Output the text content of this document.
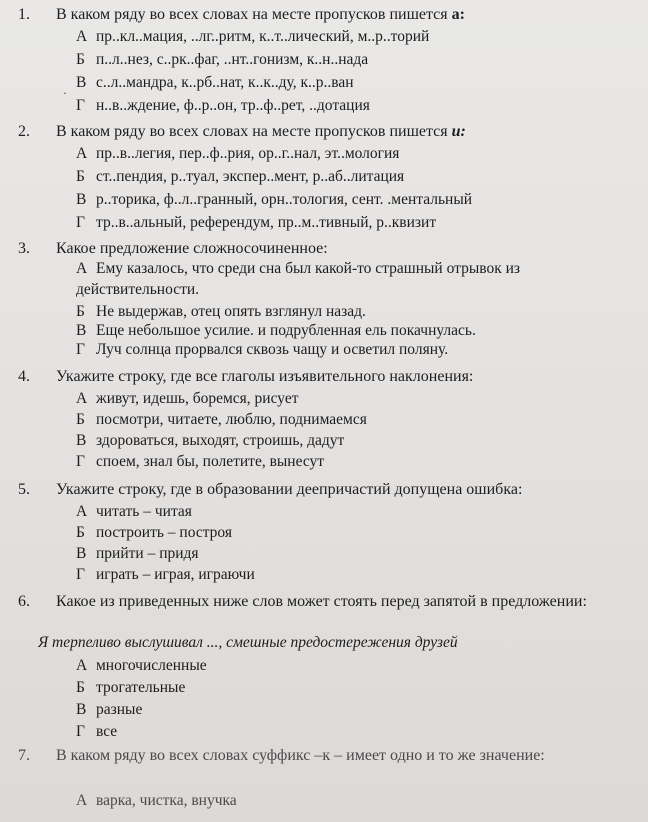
1. В каком ряду во всех словах на месте пропусков пишется а:
·
А пр..кл..мация, ..лг..ритм, к..т..лический, м..р..торий
Б п..л..нез, с..рк..фаг, ..нт..гонизм, к..н..нада
В с..л..мандра, к..рб..нат, к..к..ду, к..р..ван
Г н..в..ждение, ф..р..он, тр..ф..рет, ..дотация
2. В каком ряду во всех словах на месте пропусков пишется и:
А пр..в..легия, пер..ф..рия, ор..г..нал, эт..мология
Б ст..пендия, р..туал, экспер..мент, р..аб..литация
В р..торика, ф..л..гранный, орн..тология, сент. .ментальный
Г тр..в..альный, референдум, пр..м..тивный, р..квизит
3. Какое предложение сложносочиненное:
А Ему казалось, что среди сна был какой-то страшный отрывок из действительности.
Б Не выдержав, отец опять взглянул назад.
В Еще небольшое усилие. и подрубленная ель покачнулась.
Г Луч солнца прорвался сквозь чащу и осветил поляну.
4. Укажите строку, где все глаголы изъявительного наклонения:
А живут, идешь, боремся, рисует
Б посмотри, читаете, люблю, поднимаемся
В здороваться, выходят, строишь, дадут
Г споем, знал бы, полетите, вынесут
5. Укажите строку, где в образовании деепричастий допущена ошибка:
А читать – читая
Б построить – построя
В прийти – придя
Г играть – играя, играючи
6. Какое из приведенных ниже слов может стоять перед запятой в предложении:
Я терпеливо выслушивал ..., смешные предостережения друзей
А многочисленные
Б трогательные
В разные
Г все
7. В каком ряду во всех словах суффикс –к – имеет одно и то же значение:
А варка, чистка, внучка
